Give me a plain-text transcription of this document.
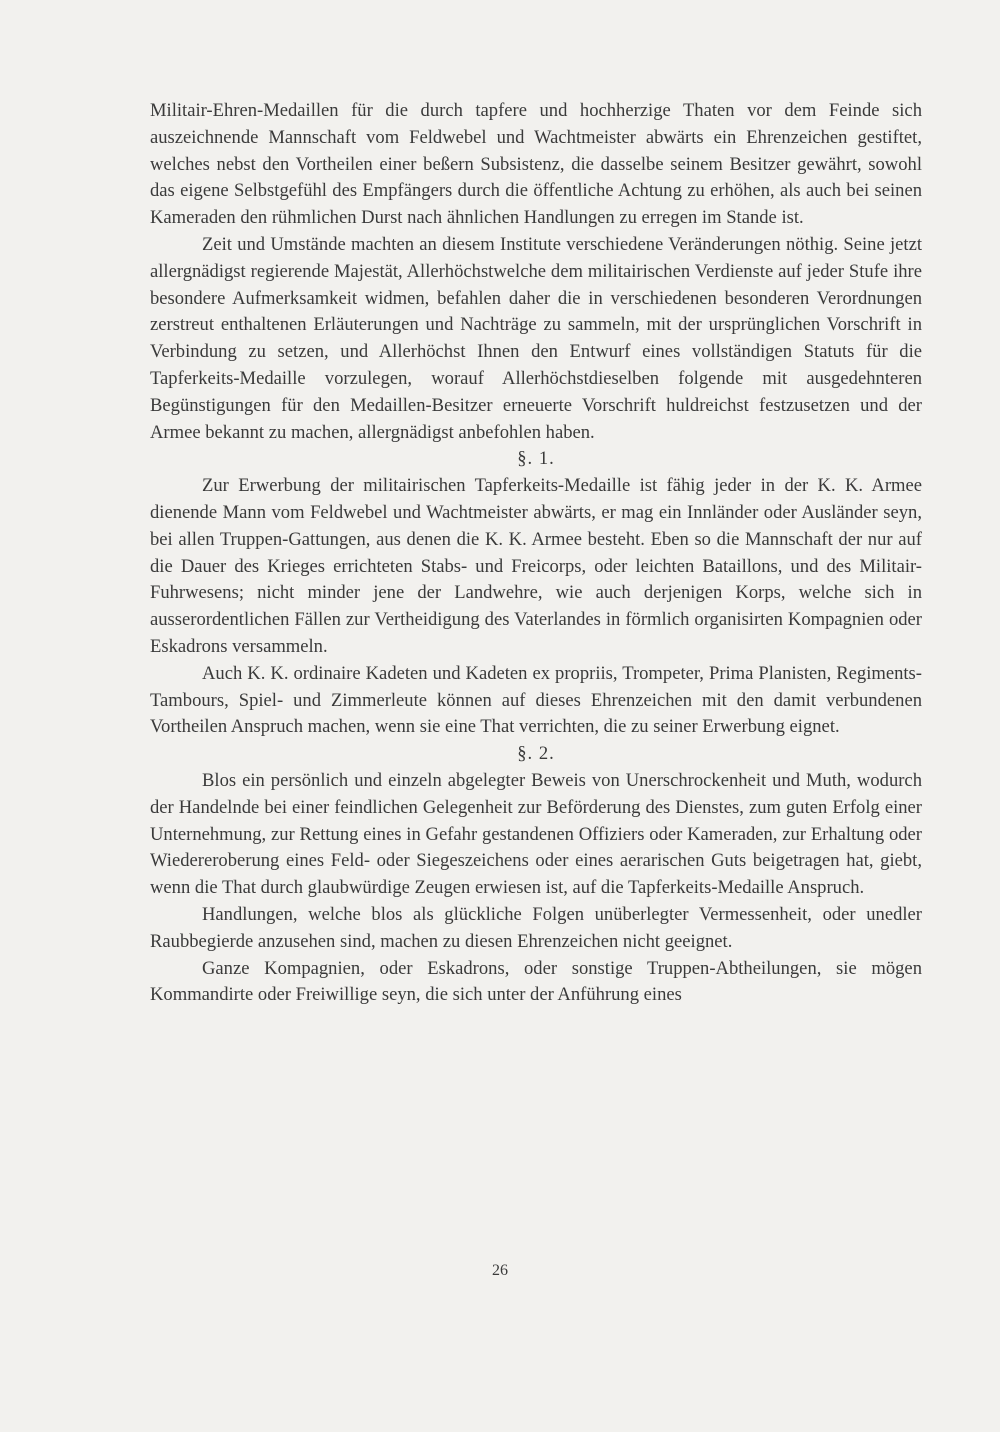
Militair-Ehren-Medaillen für die durch tapfere und hochherzige Thaten vor dem Feinde sich auszeichnende Mannschaft vom Feldwebel und Wachtmeister abwärts ein Ehrenzeichen gestiftet, welches nebst den Vortheilen einer beßern Subsistenz, die dasselbe seinem Besitzer gewährt, sowohl das eigene Selbstgefühl des Empfängers durch die öffentliche Achtung zu erhöhen, als auch bei seinen Kameraden den rühmlichen Durst nach ähnlichen Handlungen zu erregen im Stande ist.

Zeit und Umstände machten an diesem Institute verschiedene Veränderungen nöthig. Seine jetzt allergnädigst regierende Majestät, Allerhöchstwelche dem militairischen Verdienste auf jeder Stufe ihre besondere Aufmerksamkeit widmen, befahlen daher die in verschiedenen besonderen Verordnungen zerstreut enthaltenen Erläuterungen und Nachträge zu sammeln, mit der ursprünglichen Vorschrift in Verbindung zu setzen, und Allerhöchst Ihnen den Entwurf eines vollständigen Statuts für die Tapferkeits-Medaille vorzulegen, worauf Allerhöchstdieselben folgende mit ausgedehnteren Begünstigungen für den Medaillen-Besitzer erneuerte Vorschrift huldreichst festzusetzen und der Armee bekannt zu machen, allergnädigst anbefohlen haben.

§. 1.

Zur Erwerbung der militairischen Tapferkeits-Medaille ist fähig jeder in der K. K. Armee dienende Mann vom Feldwebel und Wachtmeister abwärts, er mag ein Innländer oder Ausländer seyn, bei allen Truppen-Gattungen, aus denen die K. K. Armee besteht. Eben so die Mannschaft der nur auf die Dauer des Krieges errichteten Stabs- und Freicorps, oder leichten Bataillons, und des Militair-Fuhrwesens; nicht minder jene der Landwehre, wie auch derjenigen Korps, welche sich in ausserordentlichen Fällen zur Vertheidigung des Vaterlandes in förmlich organisirten Kompagnien oder Eskadrons versammeln.

Auch K. K. ordinaire Kadeten und Kadeten ex propriis, Trompeter, Prima Planisten, Regiments-Tambours, Spiel- und Zimmerleute können auf dieses Ehrenzeichen mit den damit verbundenen Vortheilen Anspruch machen, wenn sie eine That verrichten, die zu seiner Erwerbung eignet.

§. 2.

Blos ein persönlich und einzeln abgelegter Beweis von Unerschrockenheit und Muth, wodurch der Handelnde bei einer feindlichen Gelegenheit zur Beförderung des Dienstes, zum guten Erfolg einer Unternehmung, zur Rettung eines in Gefahr gestandenen Offiziers oder Kameraden, zur Erhaltung oder Wiedereroberung eines Feld- oder Siegeszeichens oder eines aerarischen Guts beigetragen hat, giebt, wenn die That durch glaubwürdige Zeugen erwiesen ist, auf die Tapferkeits-Medaille Anspruch.

Handlungen, welche blos als glückliche Folgen unüberlegter Vermessenheit, oder unedler Raubbegierde anzusehen sind, machen zu diesen Ehrenzeichen nicht geeignet.

Ganze Kompagnien, oder Eskadrons, oder sonstige Truppen-Abtheilungen, sie mögen Kommandirte oder Freiwillige seyn, die sich unter der Anführung eines

26
